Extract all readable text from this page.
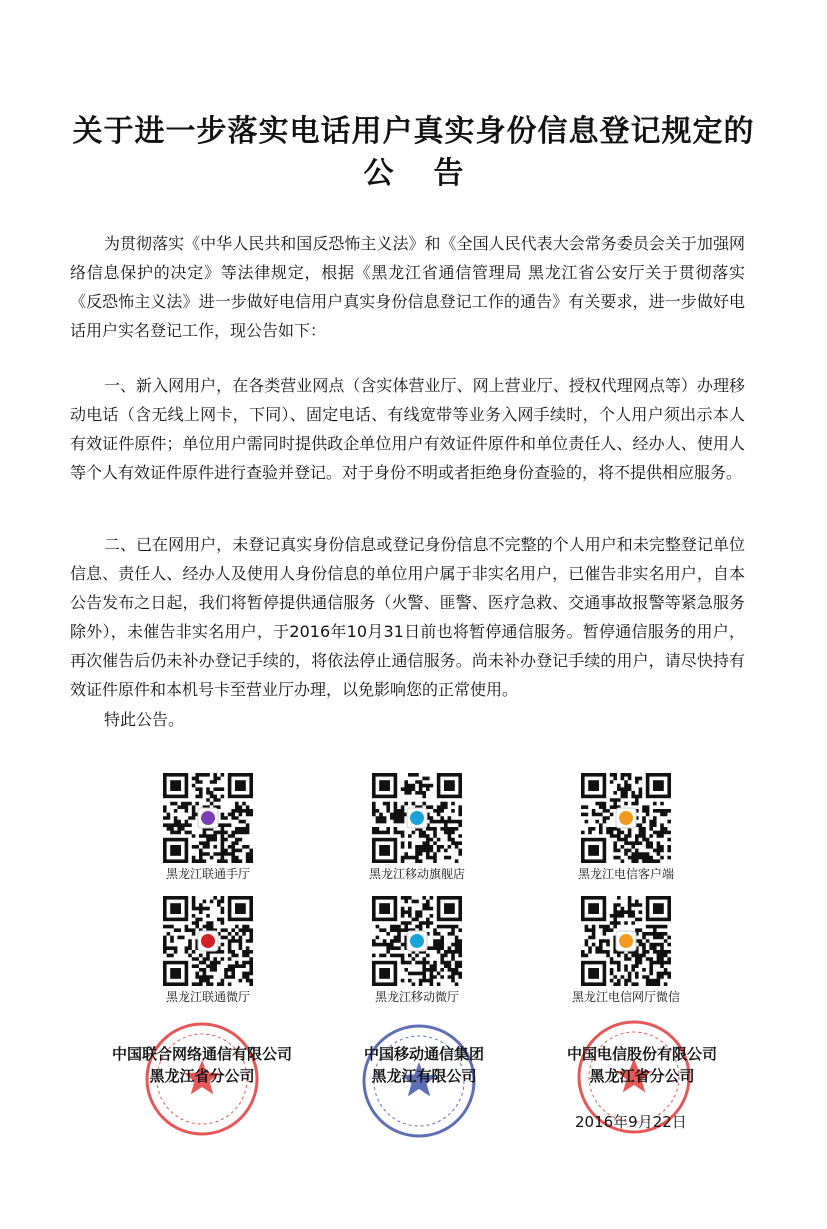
关于进一步落实电话用户真实身份信息登记规定的
公告

为贯彻落实《中华人民共和国反恐怖主义法》和《全国人民代表大会常务委员会关于加强网络信息保护的决定》等法律规定，根据《黑龙江省通信管理局 黑龙江省公安厅关于贯彻落实《反恐怖主义法》进一步做好电信用户真实身份信息登记工作的通告》有关要求，进一步做好电话用户实名登记工作，现公告如下：

一、新入网用户，在各类营业网点（含实体营业厅、网上营业厅、授权代理网点等）办理移动电话（含无线上网卡，下同）、固定电话、有线宽带等业务入网手续时，个人用户须出示本人有效证件原件；单位用户需同时提供政企单位用户有效证件原件和单位责任人、经办人、使用人等个人有效证件原件进行查验并登记。对于身份不明或者拒绝身份查验的，将不提供相应服务。

二、已在网用户，未登记真实身份信息或登记身份信息不完整的个人用户和未完整登记单位信息、责任人、经办人及使用人身份信息的单位用户属于非实名用户，已催告非实名用户，自本公告发布之日起，我们将暂停提供通信服务（火警、匪警、医疗急救、交通事故报警等紧急服务除外），未催告非实名用户，于2016年10月31日前也将暂停通信服务。暂停通信服务的用户，再次催告后仍未补办登记手续的，将依法停止通信服务。尚未补办登记手续的用户，请尽快持有效证件原件和本机号卡至营业厅办理，以免影响您的正常使用。

特此公告。

黑龙江联通手厅	黑龙江移动旗舰店	黑龙江电信客户端
黑龙江联通微厅	黑龙江移动微厅	黑龙江电信网厅微信
中国联合网络通信有限公司
黑龙江省分公司
中国移动通信集团
黑龙江有限公司
中国电信股份有限公司
黑龙江省分公司
2016年9月22日
